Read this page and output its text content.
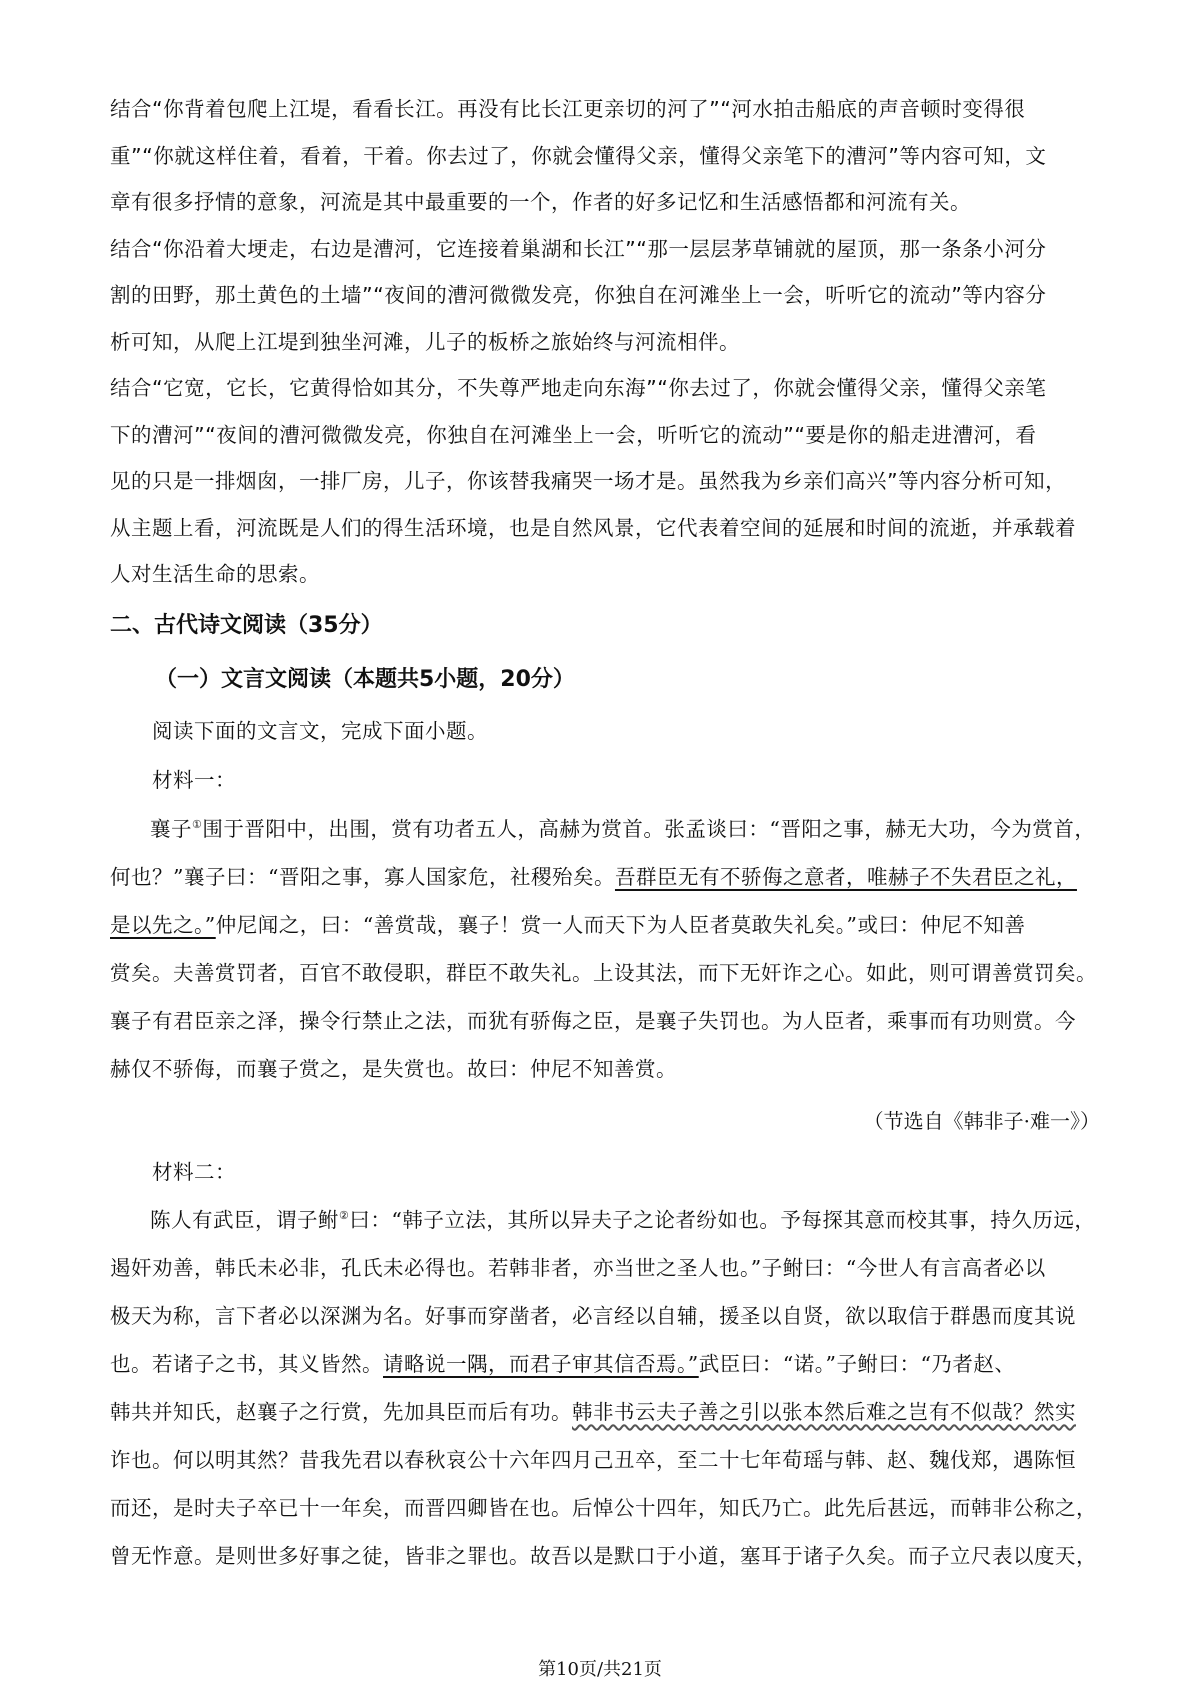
结合“你背着包爬上江堤，看看长江。再没有比长江更亲切的河了”“河水拍击船底的声音顿时变得很

重”“你就这样住着，看着，干着。你去过了，你就会懂得父亲，懂得父亲笔下的漕河”等内容可知，文

章有很多抒情的意象，河流是其中最重要的一个，作者的好多记忆和生活感悟都和河流有关。

结合“你沿着大埂走，右边是漕河，它连接着巢湖和长江”“那一层层茅草铺就的屋顶，那一条条小河分

割的田野，那土黄色的土墙”“夜间的漕河微微发亮，你独自在河滩坐上一会，听听它的流动”等内容分

析可知，从爬上江堤到独坐河滩，儿子的板桥之旅始终与河流相伴。

结合“它宽，它长，它黄得恰如其分，不失尊严地走向东海”“你去过了，你就会懂得父亲，懂得父亲笔

下的漕河”“夜间的漕河微微发亮，你独自在河滩坐上一会，听听它的流动”“要是你的船走进漕河，看

见的只是一排烟囱，一排厂房，儿子，你该替我痛哭一场才是。虽然我为乡亲们高兴”等内容分析可知，

从主题上看，河流既是人们的得生活环境，也是自然风景，它代表着空间的延展和时间的流逝，并承载着

人对生活生命的思索。

二、古代诗文阅读（35分）
（一）文言文阅读（本题共5小题，20分）

阅读下面的文言文，完成下面小题。

材料一：

襄子①围于晋阳中，出围，赏有功者五人，高赫为赏首。张孟谈曰：“晋阳之事，赫无大功，今为赏首，

何也？”襄子曰：“晋阳之事，寡人国家危，社稷殆矣。吾群臣无有不骄侮之意者，唯赫子不失君臣之礼，

是以先之。”仲尼闻之，曰：“善赏哉，襄子！赏一人而天下为人臣者莫敢失礼矣。”或曰：仲尼不知善

赏矣。夫善赏罚者，百官不敢侵职，群臣不敢失礼。上设其法，而下无奸诈之心。如此，则可谓善赏罚矣。

襄子有君臣亲之泽，操令行禁止之法，而犹有骄侮之臣，是襄子失罚也。为人臣者，乘事而有功则赏。今

赫仅不骄侮，而襄子赏之，是失赏也。故曰：仲尼不知善赏。

（节选自《韩非子·难一》）

材料二：

陈人有武臣，谓子鲋②曰：“韩子立法，其所以异夫子之论者纷如也。予每探其意而校其事，持久历远，

遏奸劝善，韩氏未必非，孔氏未必得也。若韩非者，亦当世之圣人也。”子鲋曰：“今世人有言高者必以

极天为称，言下者必以深渊为名。好事而穿凿者，必言经以自辅，援圣以自贤，欲以取信于群愚而度其说

也。若诸子之书，其义皆然。请略说一隅，而君子审其信否焉。”武臣曰：“诺。”子鲋曰：“乃者赵、

韩共并知氏，赵襄子之行赏，先加具臣而后有功。韩非书云夫子善之引以张本然后难之岂有不似哉？然实

诈也。何以明其然？昔我先君以春秋哀公十六年四月己丑卒，至二十七年荀瑶与韩、赵、魏伐郑，遇陈恒

而还，是时夫子卒已十一年矣，而晋四卿皆在也。后悼公十四年，知氏乃亡。此先后甚远，而韩非公称之，

曾无怍意。是则世多好事之徒，皆非之罪也。故吾以是默口于小道，塞耳于诸子久矣。而子立尺表以度天，

第10页/共21页
